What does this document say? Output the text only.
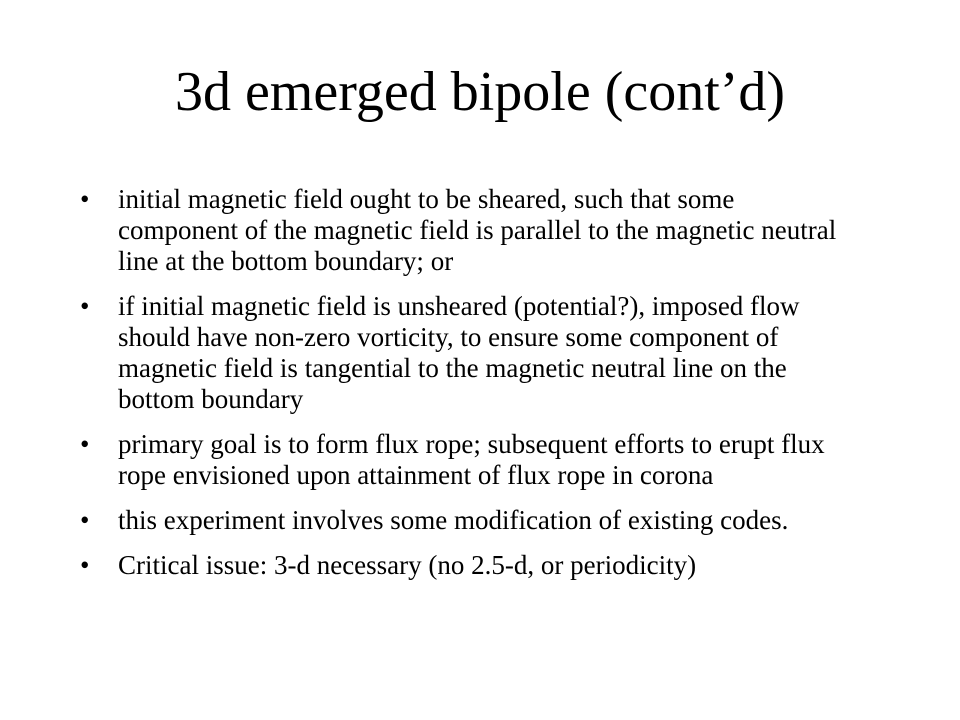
3d emerged bipole (cont’d)
•	initial magnetic field ought to be sheared, such that some component of the magnetic field is parallel to the magnetic neutral line at the bottom boundary; or
•	if initial magnetic field is unsheared (potential?), imposed flow should have non-zero vorticity, to ensure some component of magnetic field is tangential to the magnetic neutral line on the bottom boundary
•	primary goal is to form flux rope; subsequent efforts to erupt flux rope envisioned upon attainment of flux rope in corona
•	this experiment involves some modification of existing codes.
•	Critical issue: 3-d necessary (no 2.5-d, or periodicity)
